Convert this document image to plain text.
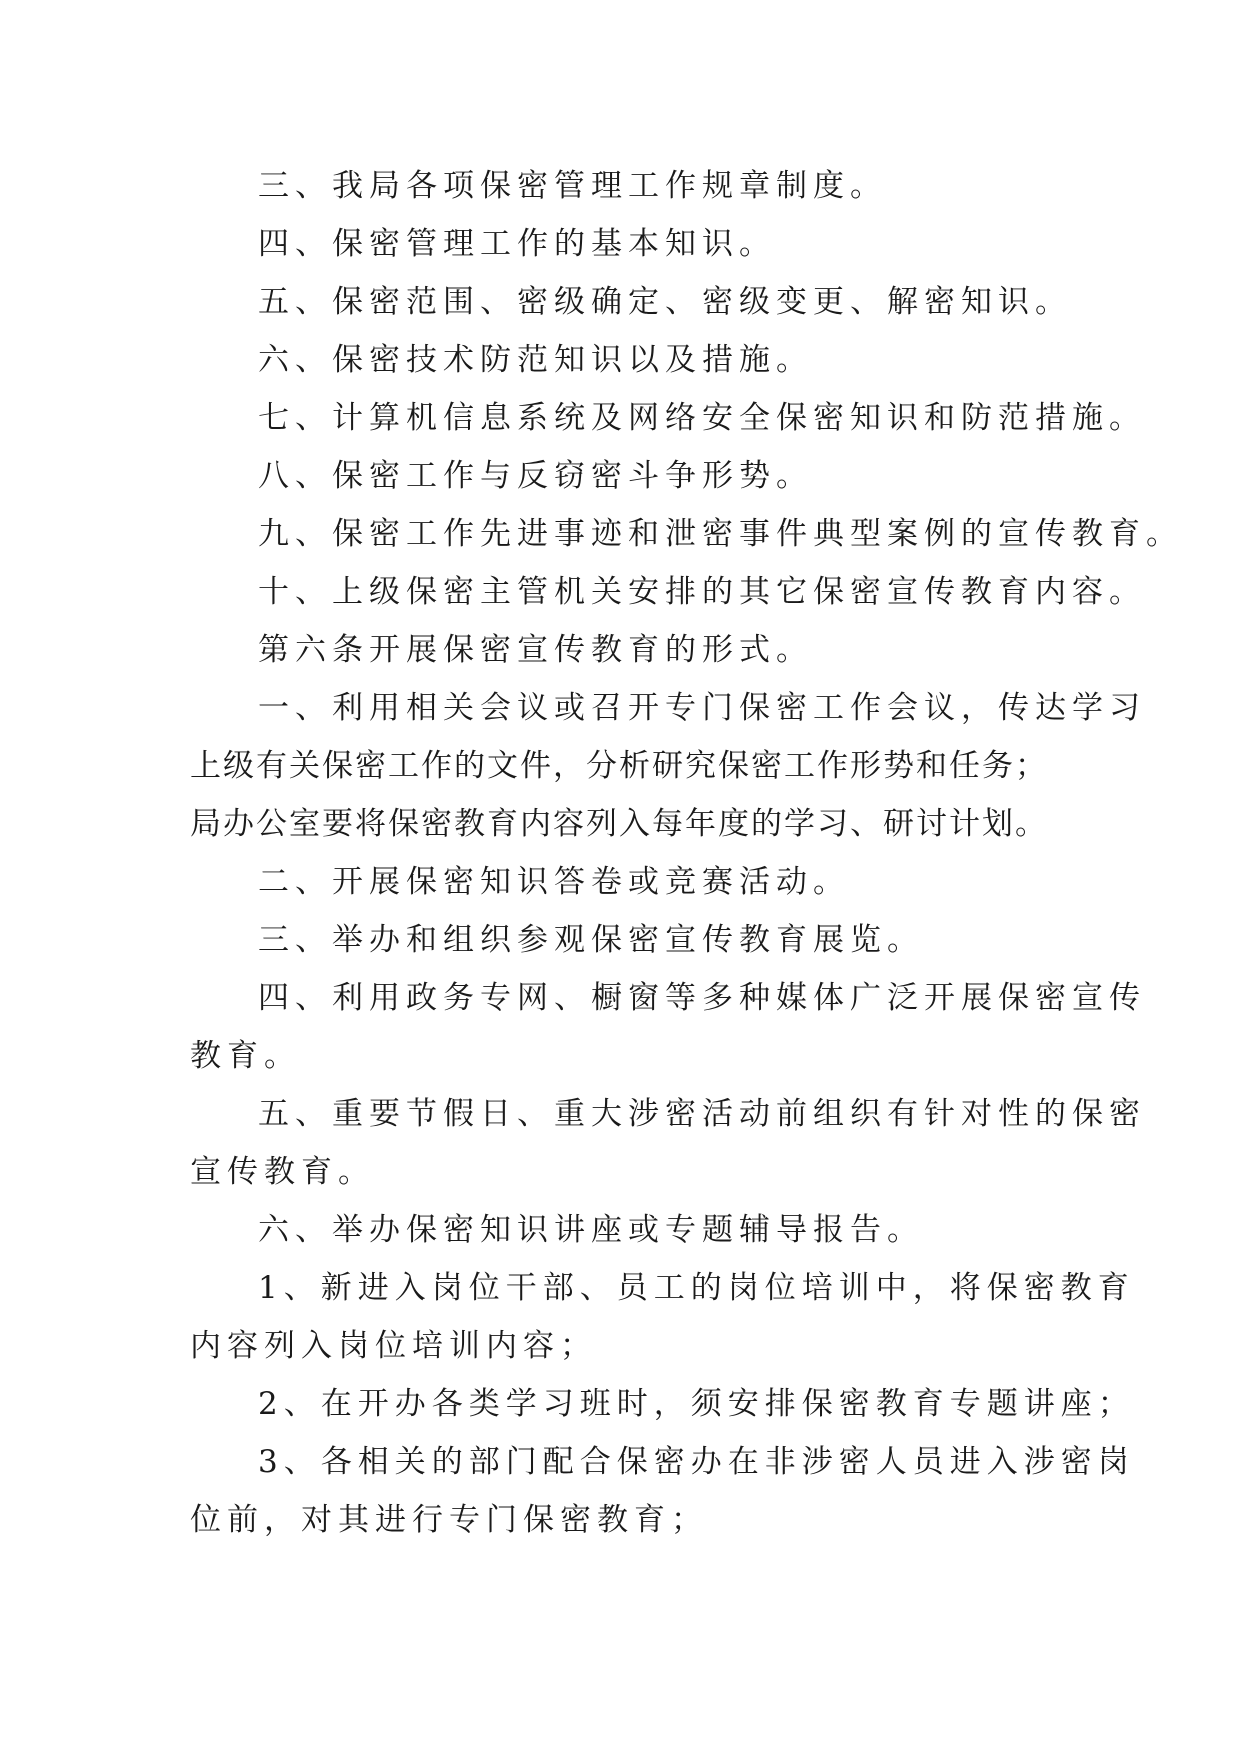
三、我局各项保密管理工作规章制度。
四、保密管理工作的基本知识。
五、保密范围、密级确定、密级变更、解密知识。
六、保密技术防范知识以及措施。
七、计算机信息系统及网络安全保密知识和防范措施。
八、保密工作与反窃密斗争形势。
九、保密工作先进事迹和泄密事件典型案例的宣传教育。
十、上级保密主管机关安排的其它保密宣传教育内容。
第六条开展保密宣传教育的形式。
一、利用相关会议或召开专门保密工作会议，传达学习
上级有关保密工作的文件，分析研究保密工作形势和任务；
局办公室要将保密教育内容列入每年度的学习、研讨计划。
二、开展保密知识答卷或竞赛活动。
三、举办和组织参观保密宣传教育展览。
四、利用政务专网、橱窗等多种媒体广泛开展保密宣传
教育。
五、重要节假日、重大涉密活动前组织有针对性的保密
宣传教育。
六、举办保密知识讲座或专题辅导报告。
1、新进入岗位干部、员工的岗位培训中，将保密教育
内容列入岗位培训内容；
2、在开办各类学习班时，须安排保密教育专题讲座；
3、各相关的部门配合保密办在非涉密人员进入涉密岗
位前，对其进行专门保密教育；
